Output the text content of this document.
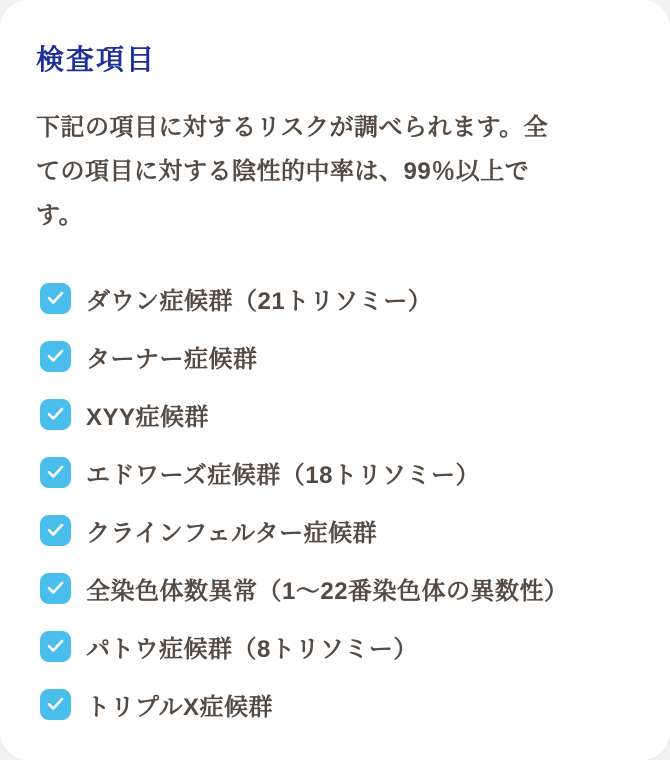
検査項目

下記の項目に対するリスクが調べられます。全ての項目に対する陰性的中率は、99％以上です。

ダウン症候群（21トリソミー）
ターナー症候群
XYY症候群
エドワーズ症候群（18トリソミー）
クラインフェルター症候群
全染色体数異常（1〜22番染色体の異数性）
パトウ症候群（8トリソミー）
トリプルX症候群
